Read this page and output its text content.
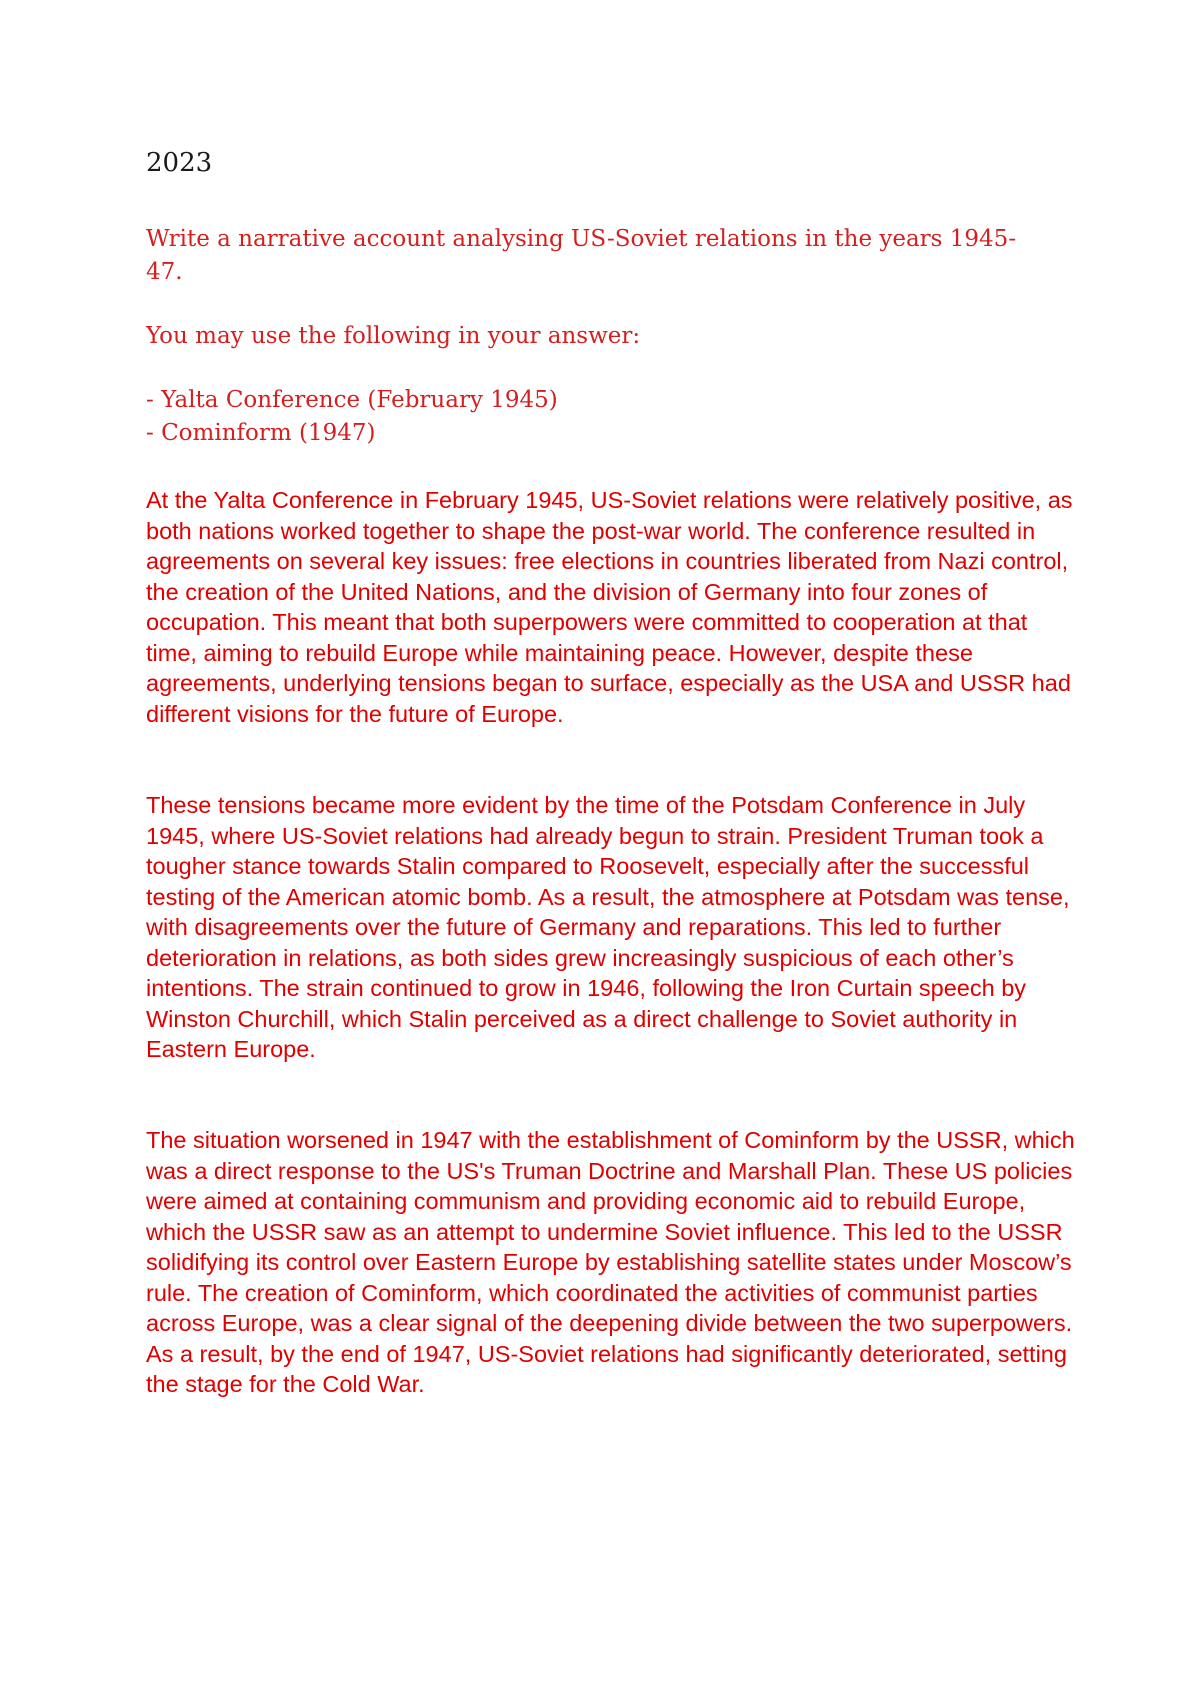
2023

Write a narrative account analysing US-Soviet relations in the years 1945-47.

You may use the following in your answer:

- Yalta Conference (February 1945)
- Cominform (1947)

At the Yalta Conference in February 1945, US-Soviet relations were relatively positive, as both nations worked together to shape the post-war world. The conference resulted in agreements on several key issues: free elections in countries liberated from Nazi control, the creation of the United Nations, and the division of Germany into four zones of occupation. This meant that both superpowers were committed to cooperation at that time, aiming to rebuild Europe while maintaining peace. However, despite these agreements, underlying tensions began to surface, especially as the USA and USSR had different visions for the future of Europe.

These tensions became more evident by the time of the Potsdam Conference in July 1945, where US-Soviet relations had already begun to strain. President Truman took a tougher stance towards Stalin compared to Roosevelt, especially after the successful testing of the American atomic bomb. As a result, the atmosphere at Potsdam was tense, with disagreements over the future of Germany and reparations. This led to further deterioration in relations, as both sides grew increasingly suspicious of each other’s intentions. The strain continued to grow in 1946, following the Iron Curtain speech by Winston Churchill, which Stalin perceived as a direct challenge to Soviet authority in Eastern Europe.

The situation worsened in 1947 with the establishment of Cominform by the USSR, which was a direct response to the US's Truman Doctrine and Marshall Plan. These US policies were aimed at containing communism and providing economic aid to rebuild Europe, which the USSR saw as an attempt to undermine Soviet influence. This led to the USSR solidifying its control over Eastern Europe by establishing satellite states under Moscow’s rule. The creation of Cominform, which coordinated the activities of communist parties across Europe, was a clear signal of the deepening divide between the two superpowers. As a result, by the end of 1947, US-Soviet relations had significantly deteriorated, setting the stage for the Cold War.
